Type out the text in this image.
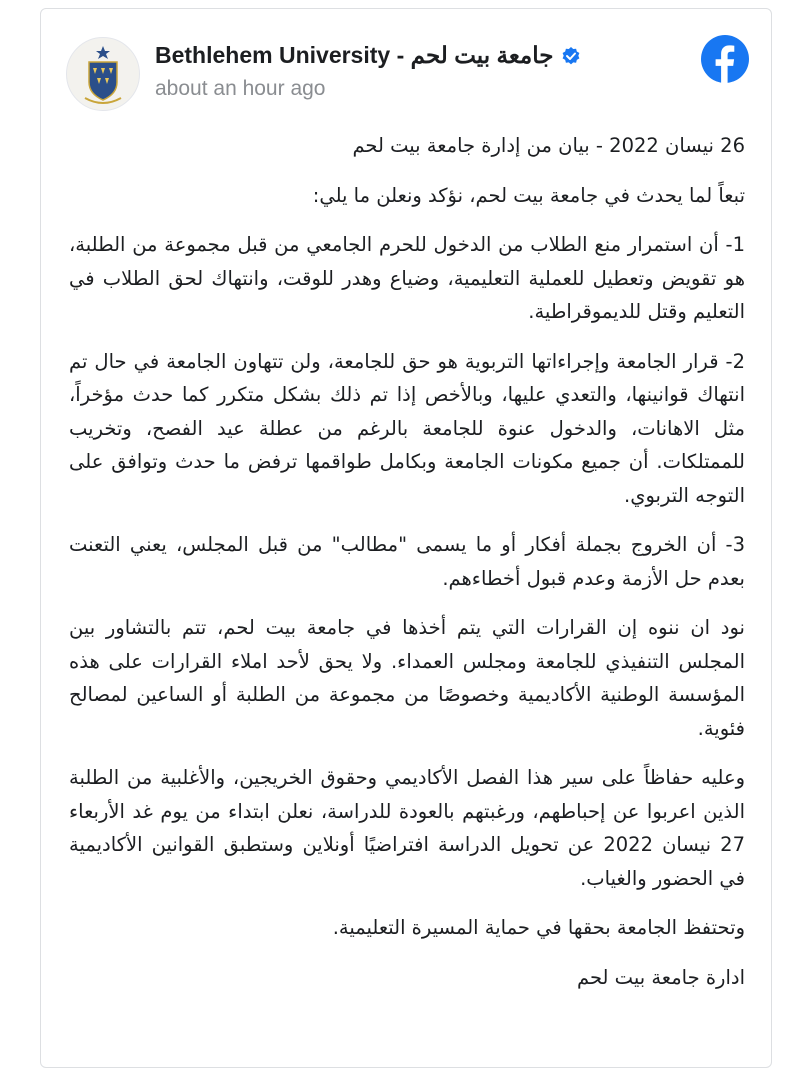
Bethlehem University - جامعة بيت لحم
about an hour ago

26 نيسان 2022 - بيان من إدارة جامعة بيت لحم

تبعاً لما يحدث في جامعة بيت لحم، نؤكد ونعلن ما يلي:

1- أن استمرار منع الطلاب من الدخول للحرم الجامعي من قبل مجموعة من الطلبة، هو تقويض وتعطيل للعملية التعليمية، وضياع وهدر للوقت، وانتهاك لحق الطلاب في التعليم وقتل للديموقراطية.

2- قرار الجامعة وإجراءاتها التربوية هو حق للجامعة، ولن تتهاون الجامعة في حال تم انتهاك قوانينها، والتعدي عليها، وبالأخص إذا تم ذلك بشكل متكرر كما حدث مؤخراً، مثل الاهانات، والدخول عنوة للجامعة بالرغم من عطلة عيد الفصح، وتخريب للممتلكات. أن جميع مكونات الجامعة وبكامل طواقمها ترفض ما حدث وتوافق على التوجه التربوي.

3- أن الخروج بجملة أفكار أو ما يسمى "مطالب" من قبل المجلس، يعني التعنت بعدم حل الأزمة وعدم قبول أخطاءهم.

نود ان ننوه إن القرارات التي يتم أخذها في جامعة بيت لحم، تتم بالتشاور بين المجلس التنفيذي للجامعة ومجلس العمداء. ولا يحق لأحد املاء القرارات على هذه المؤسسة الوطنية الأكاديمية وخصوصًا من مجموعة من الطلبة أو الساعين لمصالح فئوية.

وعليه حفاظاً على سير هذا الفصل الأكاديمي وحقوق الخريجين، والأغلبية من الطلبة الذين اعربوا عن إحباطهم، ورغبتهم بالعودة للدراسة، نعلن ابتداء من يوم غد الأربعاء 27 نيسان 2022 عن تحويل الدراسة افتراضيًا أونلاين وستطبق القوانين الأكاديمية في الحضور والغياب.

وتحتفظ الجامعة بحقها في حماية المسيرة التعليمية.

ادارة جامعة بيت لحم
